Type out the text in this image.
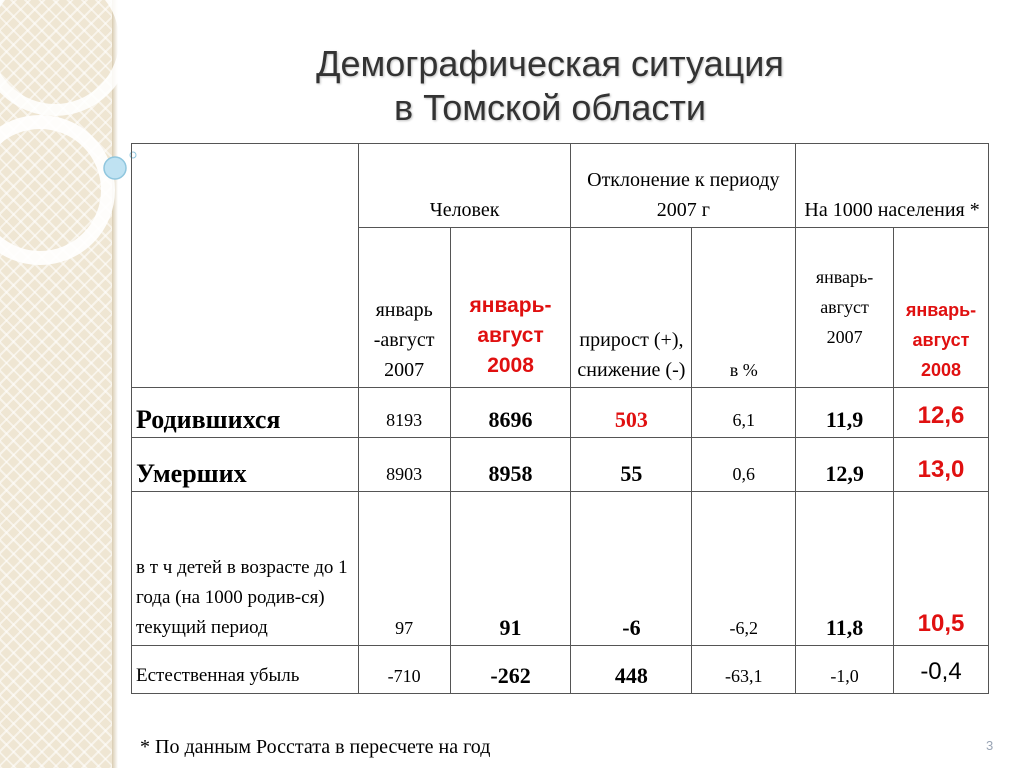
Демографическая ситуация
в Томской области
	Человек		Отклонение к периоду 2007 г		На 1000 населения *	
	январь -август 2007	январь- август 2008	прирост (+), снижение (-)	в %	январь- август 2007	январь- август 2008
Родившихся	8193	8696	503	6,1	11,9	12,6
Умерших	8903	8958	55	0,6	12,9	13,0
в т ч детей в возрасте до 1 года (на 1000 родив-ся) текущий период	97	91	-6	-6,2	11,8	10,5
Естественная убыль	-710	-262	448	-63,1	-1,0	-0,4
* По данным Росстата в пересчете на год	3
